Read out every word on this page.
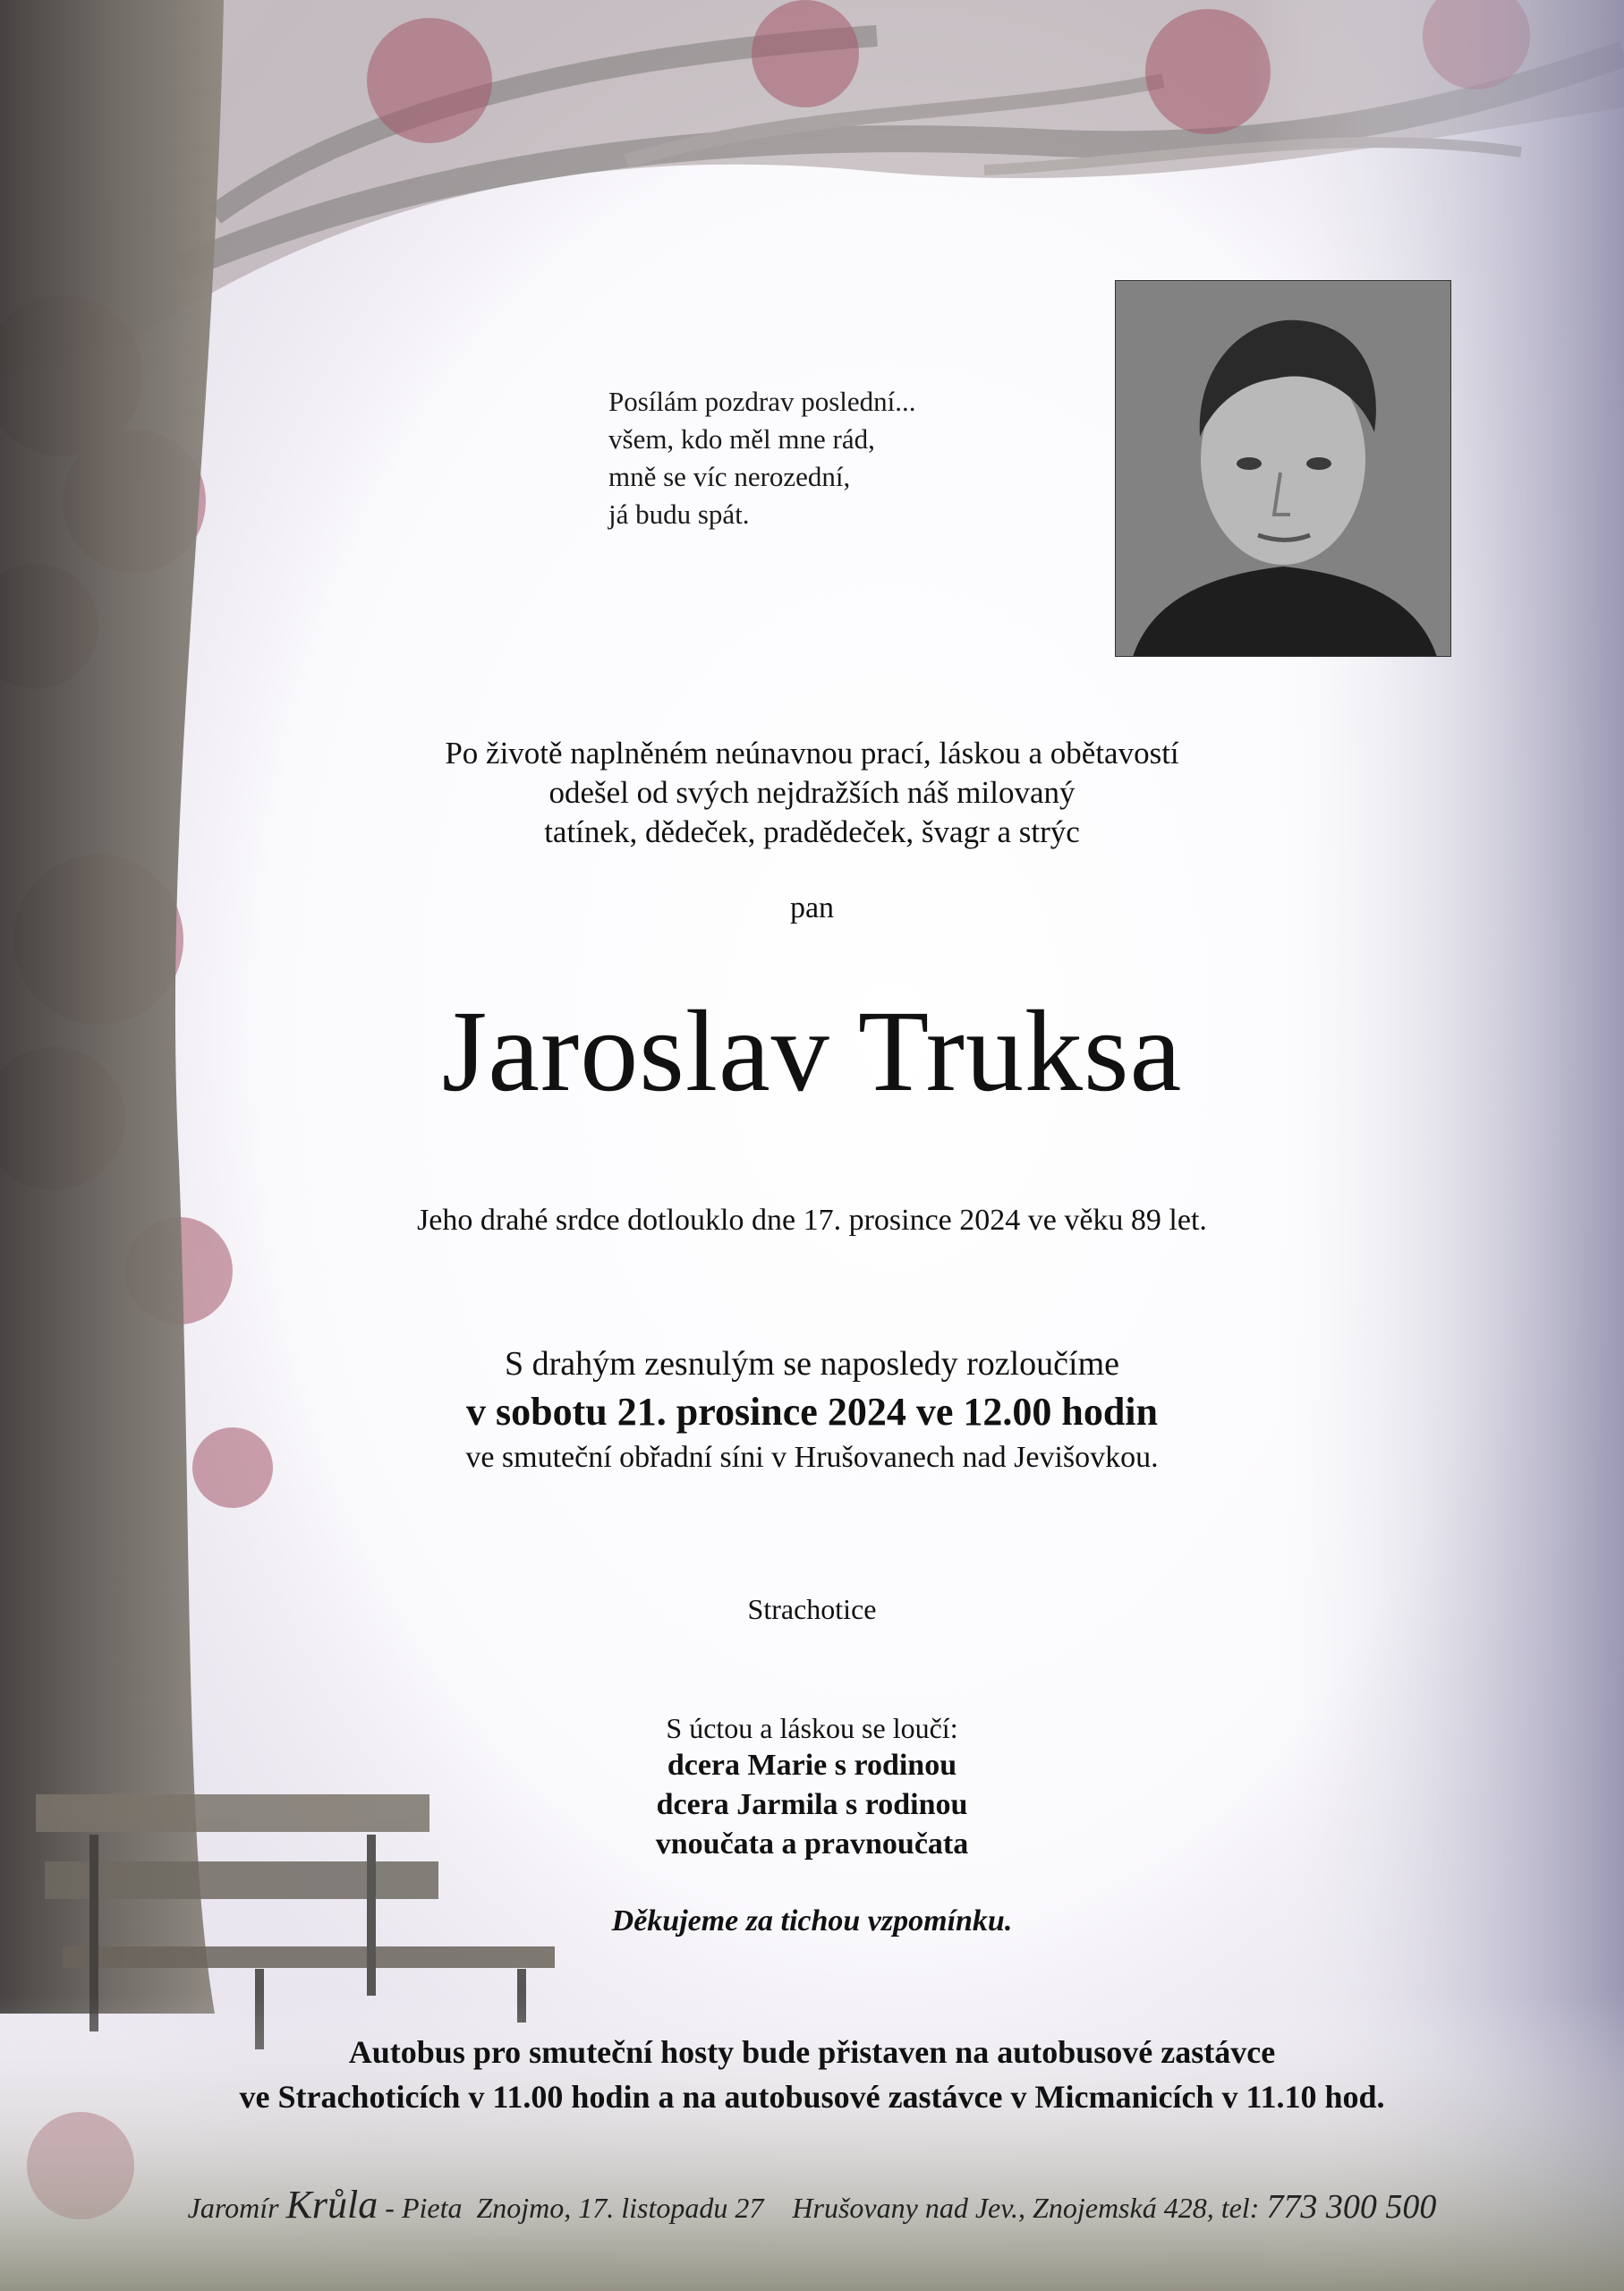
Posílám pozdrav poslední...
všem, kdo měl mne rád,
mně se víc nerozední,
já budu spát.
Po životě naplněném neúnavnou prací, láskou a obětavostí
odešel od svých nejdražších náš milovaný
tatínek, dědeček, pradědeček, švagr a strýc
pan
Jaroslav Truksa
Jeho drahé srdce dotlouklo dne 17. prosince 2024 ve věku 89 let.
S drahým zesnulým se naposledy rozloučíme
v sobotu 21. prosince 2024 ve 12.00 hodin
ve smuteční obřadní síni v Hrušovanech nad Jevišovkou.
Strachotice
S úctou a láskou se loučí:
dcera Marie s rodinou
dcera Jarmila s rodinou
vnoučata a pravnoučata
Děkujeme za tichou vzpomínku.
Autobus pro smuteční hosty bude přistaven na autobusové zastávce
ve Strachoticích v 11.00 hodin a na autobusové zastávce v Micmanicích v 11.10 hod.
Jaromír Krůla - Pieta Znojmo, 17. listopadu 27 Hrušovany nad Jev., Znojemská 428, tel: 773 300 500
